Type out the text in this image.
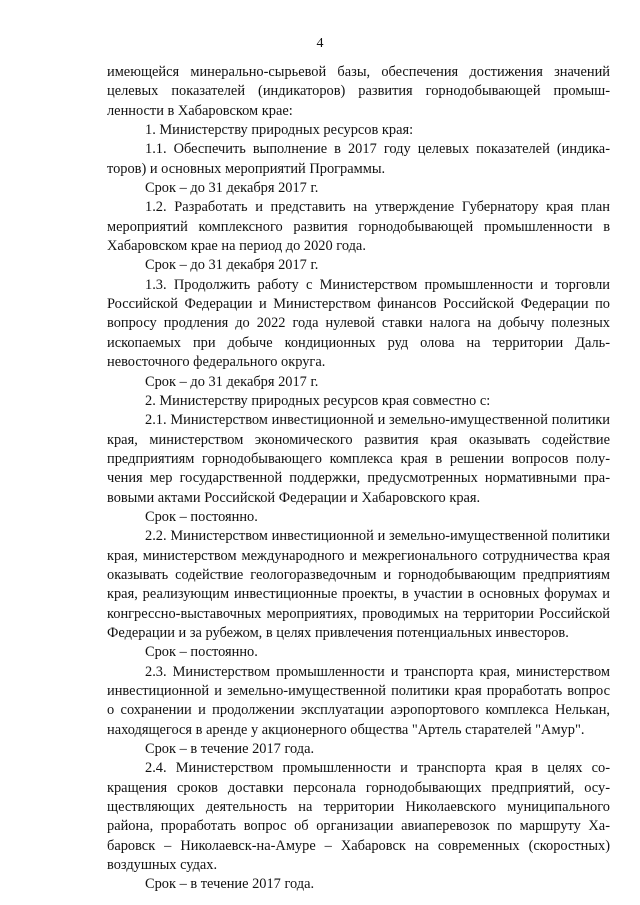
4

имеющейся минерально-сырьевой базы, обеспечения достижения значений целевых показателей (индикаторов) развития горнодобывающей промышленности в Хабаровском крае:

1. Министерству природных ресурсов края:

1.1. Обеспечить выполнение в 2017 году целевых показателей (индикаторов) и основных мероприятий Программы.

Срок – до 31 декабря 2017 г.

1.2. Разработать и представить на утверждение Губернатору края план мероприятий комплексного развития горнодобывающей промышленности в Хабаровском крае на период до 2020 года.

Срок – до 31 декабря 2017 г.

1.3. Продолжить работу с Министерством промышленности и торговли Российской Федерации и Министерством финансов Российской Федерации по вопросу продления до 2022 года нулевой ставки налога на добычу полезных ископаемых при добыче кондиционных руд олова на территории Дальневосточного федерального округа.

Срок – до 31 декабря 2017 г.

2. Министерству природных ресурсов края совместно с:

2.1. Министерством инвестиционной и земельно-имущественной политики края, министерством экономического развития края оказывать содействие предприятиям горнодобывающего комплекса края в решении вопросов получения мер государственной поддержки, предусмотренных нормативными правовыми актами Российской Федерации и Хабаровского края.

Срок – постоянно.

2.2. Министерством инвестиционной и земельно-имущественной политики края, министерством международного и межрегионального сотрудничества края оказывать содействие геологоразведочным и горнодобывающим предприятиям края, реализующим инвестиционные проекты, в участии в основных форумах и конгрессно-выставочных мероприятиях, проводимых на территории Российской Федерации и за рубежом, в целях привлечения потенциальных инвесторов.

Срок – постоянно.

2.3. Министерством промышленности и транспорта края, министерством инвестиционной и земельно-имущественной политики края проработать вопрос о сохранении и продолжении эксплуатации аэропортового комплекса Нелькан, находящегося в аренде у акционерного общества "Артель старателей "Амур".

Срок – в течение 2017 года.

2.4. Министерством промышленности и транспорта края в целях сокращения сроков доставки персонала горнодобывающих предприятий, осуществляющих деятельность на территории Николаевского муниципального района, проработать вопрос об организации авиаперевозок по маршруту Хабаровск – Николаевск-на-Амуре – Хабаровск на современных (скоростных) воздушных судах.

Срок – в течение 2017 года.
